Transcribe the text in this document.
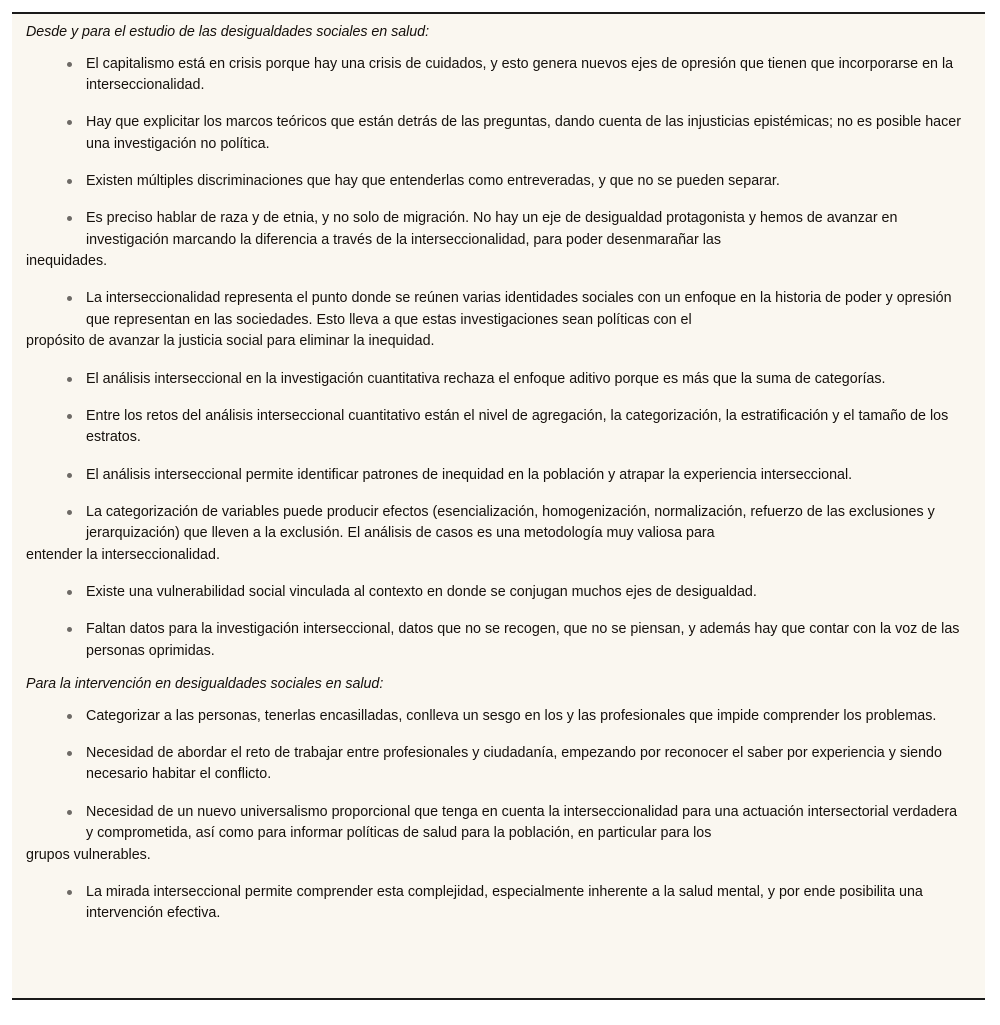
Desde y para el estudio de las desigualdades sociales en salud:

El capitalismo está en crisis porque hay una crisis de cuidados, y esto genera nuevos ejes de opresión que tienen que incorporarse en la interseccionalidad.
Hay que explicitar los marcos teóricos que están detrás de las preguntas, dando cuenta de las injusticias epistémicas; no es posible hacer una investigación no política.
Existen múltiples discriminaciones que hay que entenderlas como entreveradas, y que no se pueden separar.
Es preciso hablar de raza y de etnia, y no solo de migración. No hay un eje de desigualdad protagonista y hemos de avanzar en investigación marcando la diferencia a través de la interseccionalidad, para poder desenmarañar las
inequidades.
La interseccionalidad representa el punto donde se reúnen varias identidades sociales con un enfoque en la historia de poder y opresión que representan en las sociedades. Esto lleva a que estas investigaciones sean políticas con el
propósito de avanzar la justicia social para eliminar la inequidad.
El análisis interseccional en la investigación cuantitativa rechaza el enfoque aditivo porque es más que la suma de categorías.
Entre los retos del análisis interseccional cuantitativo están el nivel de agregación, la categorización, la estratificación y el tamaño de los estratos.
El análisis interseccional permite identificar patrones de inequidad en la población y atrapar la experiencia interseccional.
La categorización de variables puede producir efectos (esencialización, homogenización, normalización, refuerzo de las exclusiones y jerarquización) que lleven a la exclusión. El análisis de casos es una metodología muy valiosa para
entender la interseccionalidad.
Existe una vulnerabilidad social vinculada al contexto en donde se conjugan muchos ejes de desigualdad.
Faltan datos para la investigación interseccional, datos que no se recogen, que no se piensan, y además hay que contar con la voz de las personas oprimidas.

Para la intervención en desigualdades sociales en salud:

Categorizar a las personas, tenerlas encasilladas, conlleva un sesgo en los y las profesionales que impide comprender los problemas.
Necesidad de abordar el reto de trabajar entre profesionales y ciudadanía, empezando por reconocer el saber por experiencia y siendo necesario habitar el conflicto.
Necesidad de un nuevo universalismo proporcional que tenga en cuenta la interseccionalidad para una actuación intersectorial verdadera y comprometida, así como para informar políticas de salud para la población, en particular para los
grupos vulnerables.
La mirada interseccional permite comprender esta complejidad, especialmente inherente a la salud mental, y por ende posibilita una intervención efectiva.
